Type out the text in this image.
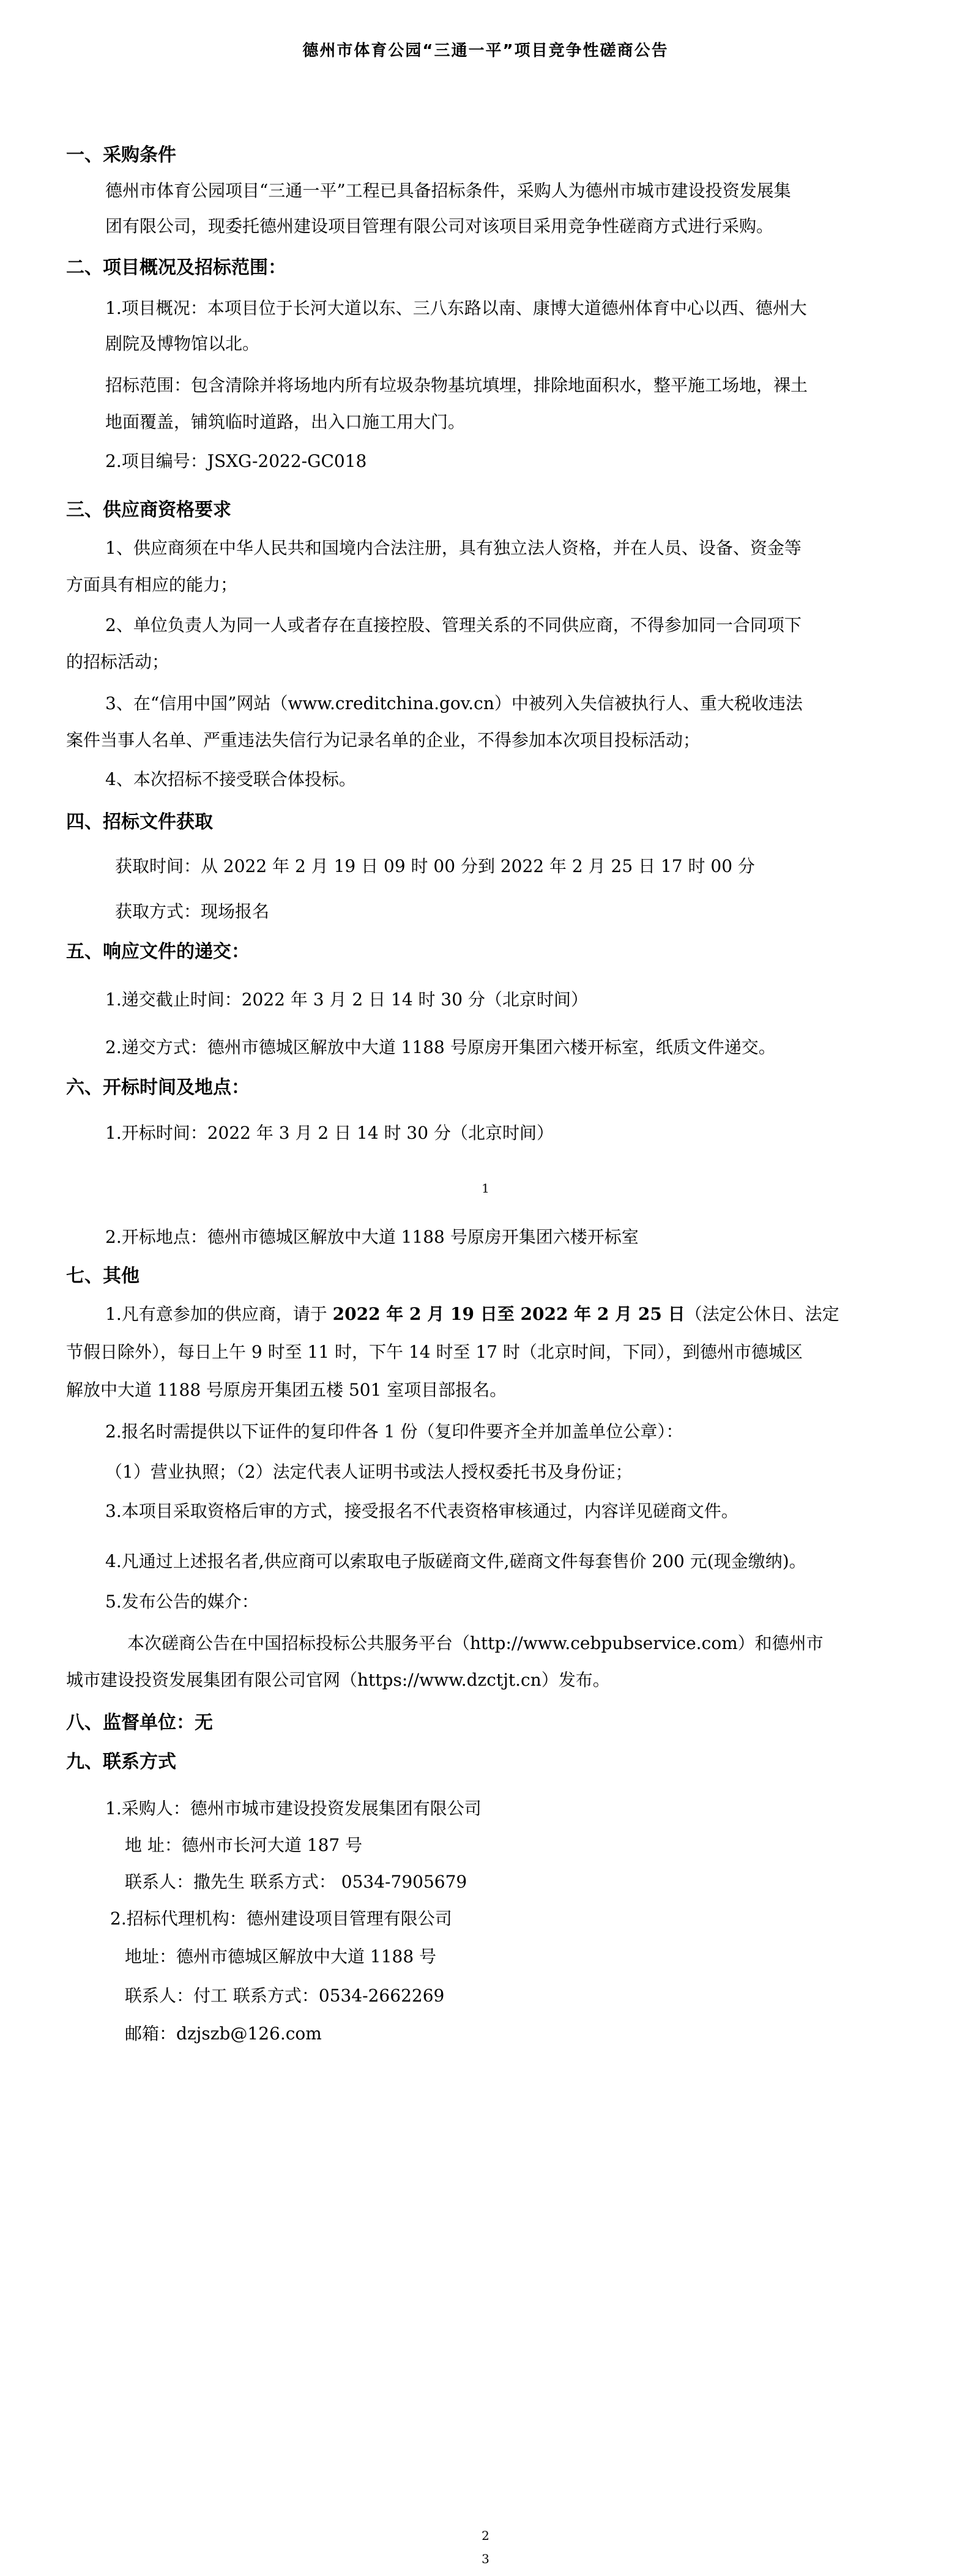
德州市体育公园“三通一平”项目竞争性磋商公告

一、采购条件

德州市体育公园项目“三通一平”工程已具备招标条件，采购人为德州市城市建设投资发展集

团有限公司，现委托德州建设项目管理有限公司对该项目采用竞争性磋商方式进行采购。

二、项目概况及招标范围：

1.项目概况：本项目位于长河大道以东、三八东路以南、康博大道德州体育中心以西、德州大

剧院及博物馆以北。

招标范围：包含清除并将场地内所有垃圾杂物基坑填埋，排除地面积水，整平施工场地，裸土

地面覆盖，铺筑临时道路，出入口施工用大门。

2.项目编号：JSXG-2022-GC018

三、供应商资格要求

1、供应商须在中华人民共和国境内合法注册，具有独立法人资格，并在人员、设备、资金等

方面具有相应的能力；

2、单位负责人为同一人或者存在直接控股、管理关系的不同供应商，不得参加同一合同项下

的招标活动；

3、在“信用中国”网站（www.creditchina.gov.cn）中被列入失信被执行人、重大税收违法

案件当事人名单、严重违法失信行为记录名单的企业，不得参加本次项目投标活动；

4、本次招标不接受联合体投标。

四、招标文件获取

获取时间：从 2022 年 2 月 19 日 09 时 00 分到 2022 年 2 月 25 日 17 时 00 分

获取方式：现场报名

五、响应文件的递交：

1.递交截止时间：2022 年 3 月 2 日 14 时 30 分（北京时间）

2.递交方式：德州市德城区解放中大道 1188 号原房开集团六楼开标室，纸质文件递交。

六、开标时间及地点：

1.开标时间：2022 年 3 月 2 日 14 时 30 分（北京时间）

1

2.开标地点：德州市德城区解放中大道 1188 号原房开集团六楼开标室

七、其他

1.凡有意参加的供应商，请于 2022 年 2 月 19 日至 2022 年 2 月 25 日（法定公休日、法定

节假日除外），每日上午 9 时至 11 时，下午 14 时至 17 时（北京时间，下同），到德州市德城区

解放中大道 1188 号原房开集团五楼 501 室项目部报名。

2.报名时需提供以下证件的复印件各 1 份（复印件要齐全并加盖单位公章）：

（1）营业执照；（2）法定代表人证明书或法人授权委托书及身份证；

3.本项目采取资格后审的方式，接受报名不代表资格审核通过，内容详见磋商文件。

4.凡通过上述报名者,供应商可以索取电子版磋商文件,磋商文件每套售价 200 元(现金缴纳)。

5.发布公告的媒介：

本次磋商公告在中国招标投标公共服务平台（http://www.cebpubservice.com）和德州市

城市建设投资发展集团有限公司官网（https://www.dzctjt.cn）发布。

八、监督单位：无

九、联系方式

1.采购人：德州市城市建设投资发展集团有限公司

地 址：德州市长河大道 187 号

联系人：撒先生 联系方式： 0534-7905679

2.招标代理机构：德州建设项目管理有限公司

地址：德州市德城区解放中大道 1188 号

联系人：付工 联系方式：0534-2662269

邮箱：dzjszb@126.com

2

3
